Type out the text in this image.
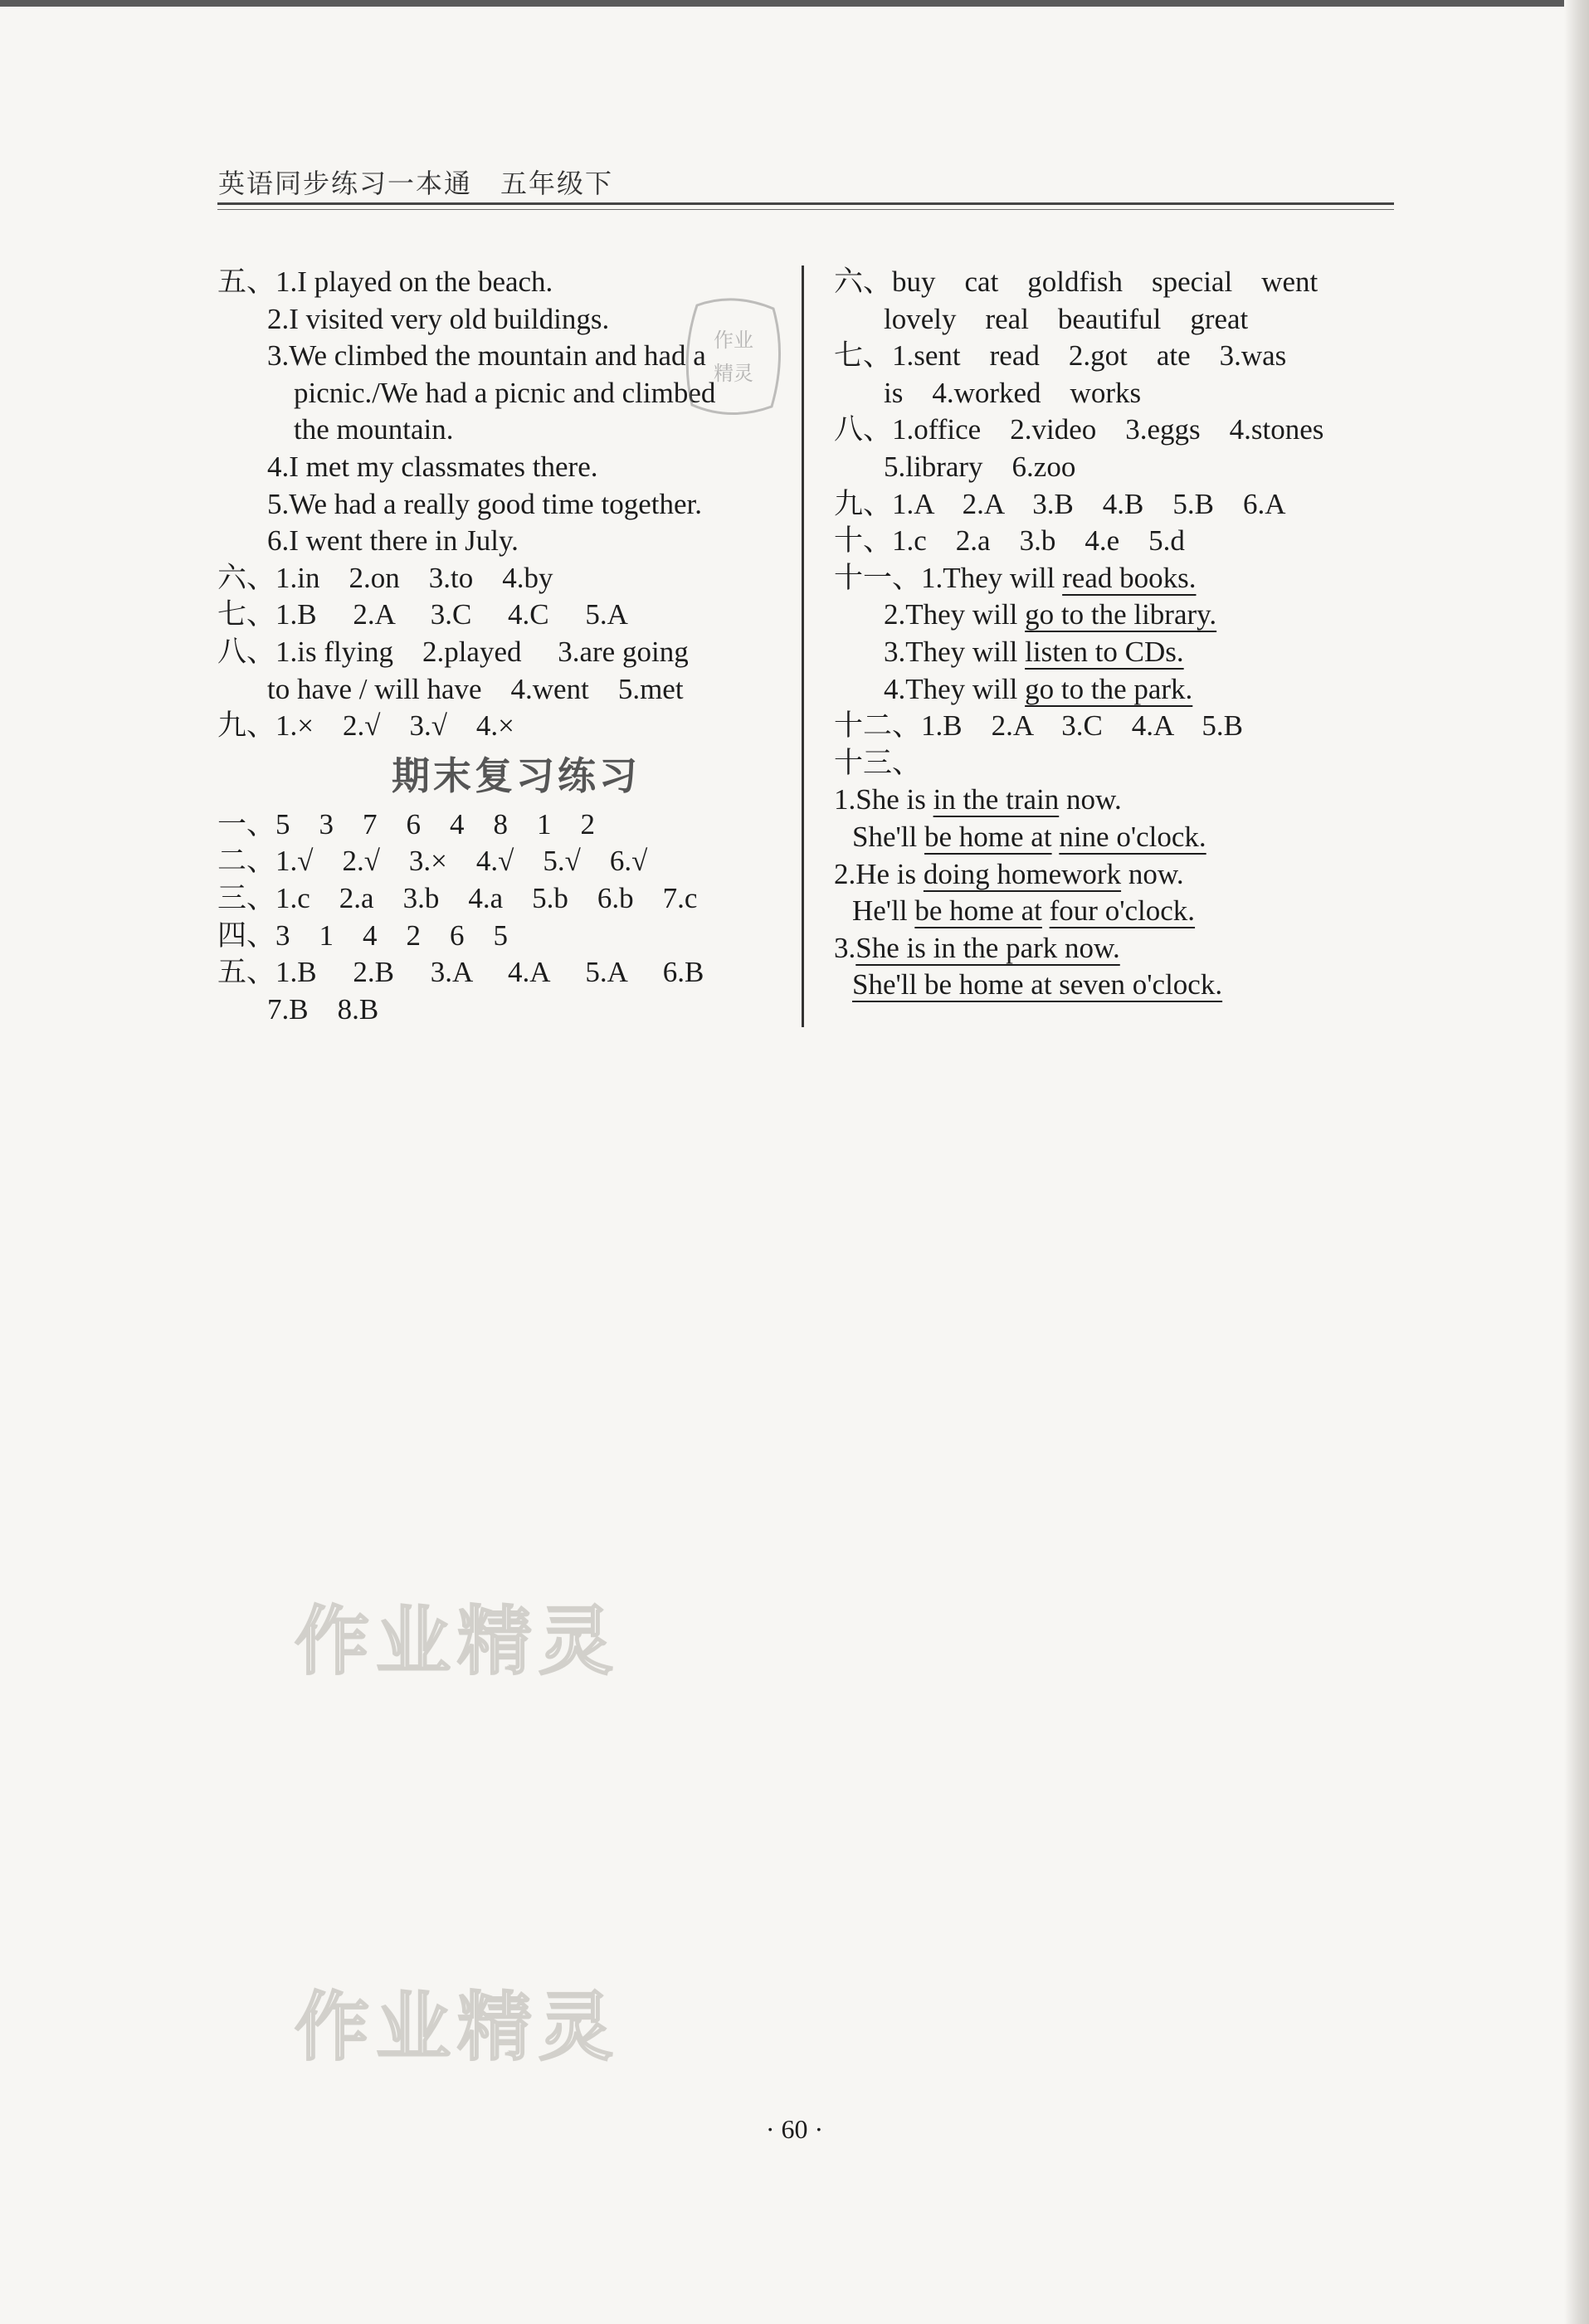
英语同步练习一本通　五年级下
五、1.I played on the beach.
2.I visited very old buildings.
3.We climbed the mountain and had a
picnic./We had a picnic and climbed
the mountain.
4.I met my classmates there.
5.We had a really good time together.
6.I went there in July.
六、1.in　2.on　3.to　4.by
七、1.B　 2.A　 3.C　 4.C　 5.A
八、1.is flying　2.played　 3.are going
to have / will have　4.went　5.met
九、1.×　2.√　3.√　4.×
期末复习练习
一、5　3　7　6　4　8　1　2
二、1.√　2.√　3.×　4.√　5.√　6.√
三、1.c　2.a　3.b　4.a　5.b　6.b　7.c
四、3　1　4　2　6　5
五、1.B　 2.B　 3.A　 4.A　 5.A　 6.B
7.B　8.B
六、buy　cat　goldfish　special　went
lovely　real　beautiful　great
七、1.sent　read　2.got　ate　3.was
is　4.worked　works
八、1.office　2.video　3.eggs　4.stones
5.library　6.zoo
九、1.A　2.A　3.B　4.B　5.B　6.A
十、1.c　2.a　3.b　4.e　5.d
十一、1.They will read books.
2.They will go to the library.
3.They will listen to CDs.
4.They will go to the park.
十二、1.B　2.A　3.C　4.A　5.B
十三、
1.She is in the train now.
She'll be home at nine o'clock.
2.He is doing homework now.
He'll be home at four o'clock.
3.She is in the park now.
She'll be home at seven o'clock.
作业
精灵
作业精灵
作业精灵
· 60 ·
